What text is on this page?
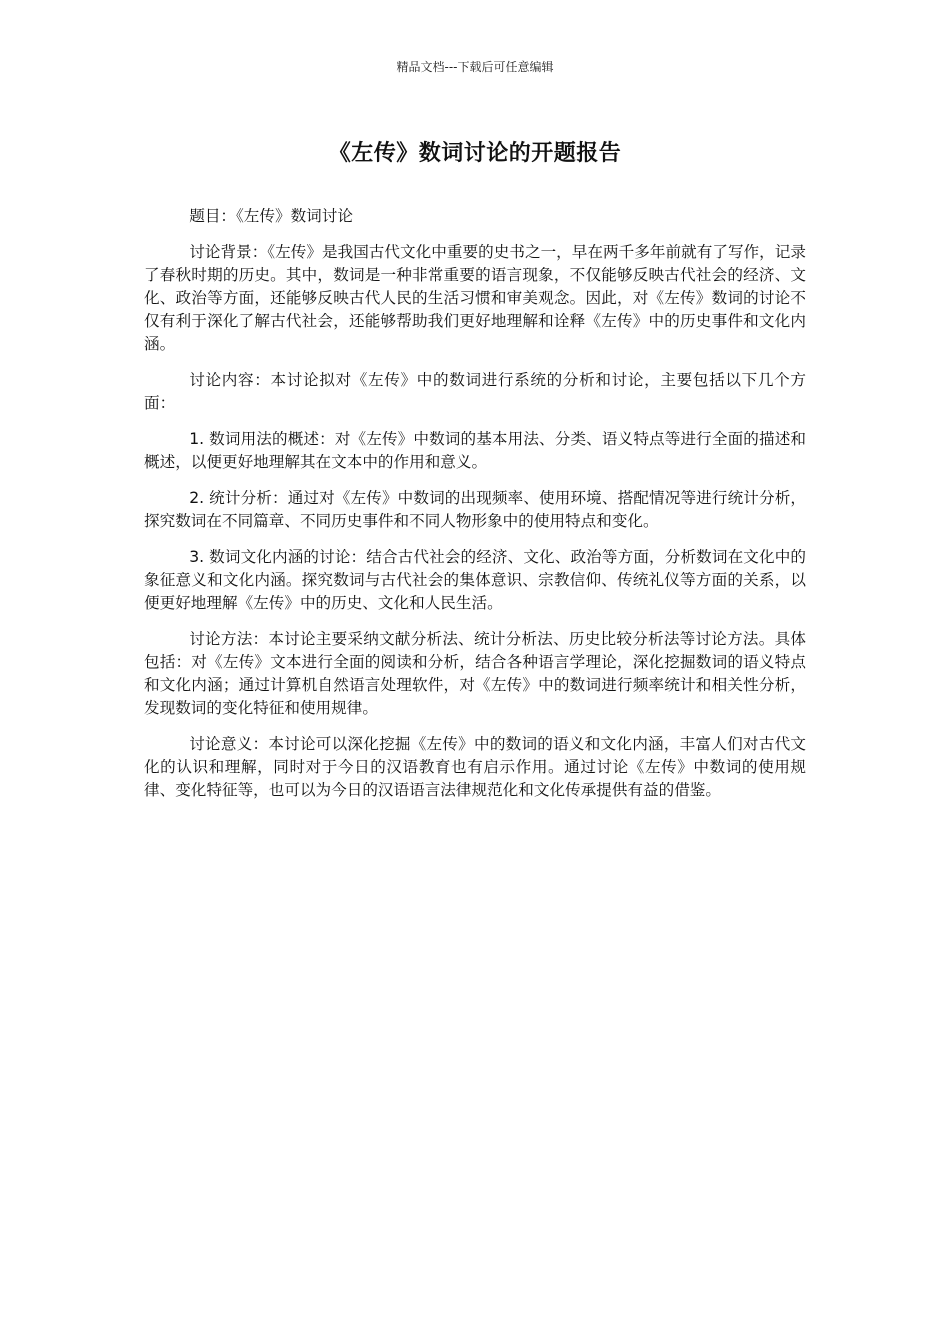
精品文档---下载后可任意编辑
《左传》数词讨论的开题报告

题目：《左传》数词讨论

讨论背景：《左传》是我国古代文化中重要的史书之一，早在两千多年前就有了写作，记录了春秋时期的历史。其中，数词是一种非常重要的语言现象，不仅能够反映古代社会的经济、文化、政治等方面，还能够反映古代人民的生活习惯和审美观念。因此，对《左传》数词的讨论不仅有利于深化了解古代社会，还能够帮助我们更好地理解和诠释《左传》中的历史事件和文化内涵。

讨论内容：本讨论拟对《左传》中的数词进行系统的分析和讨论，主要包括以下几个方面：

1. 数词用法的概述：对《左传》中数词的基本用法、分类、语义特点等进行全面的描述和概述，以便更好地理解其在文本中的作用和意义。

2. 统计分析：通过对《左传》中数词的出现频率、使用环境、搭配情况等进行统计分析，探究数词在不同篇章、不同历史事件和不同人物形象中的使用特点和变化。

3. 数词文化内涵的讨论：结合古代社会的经济、文化、政治等方面，分析数词在文化中的象征意义和文化内涵。探究数词与古代社会的集体意识、宗教信仰、传统礼仪等方面的关系，以便更好地理解《左传》中的历史、文化和人民生活。

讨论方法：本讨论主要采纳文献分析法、统计分析法、历史比较分析法等讨论方法。具体包括：对《左传》文本进行全面的阅读和分析，结合各种语言学理论，深化挖掘数词的语义特点和文化内涵；通过计算机自然语言处理软件，对《左传》中的数词进行频率统计和相关性分析，发现数词的变化特征和使用规律。

讨论意义：本讨论可以深化挖掘《左传》中的数词的语义和文化内涵，丰富人们对古代文化的认识和理解，同时对于今日的汉语教育也有启示作用。通过讨论《左传》中数词的使用规律、变化特征等，也可以为今日的汉语语言法律规范化和文化传承提供有益的借鉴。
